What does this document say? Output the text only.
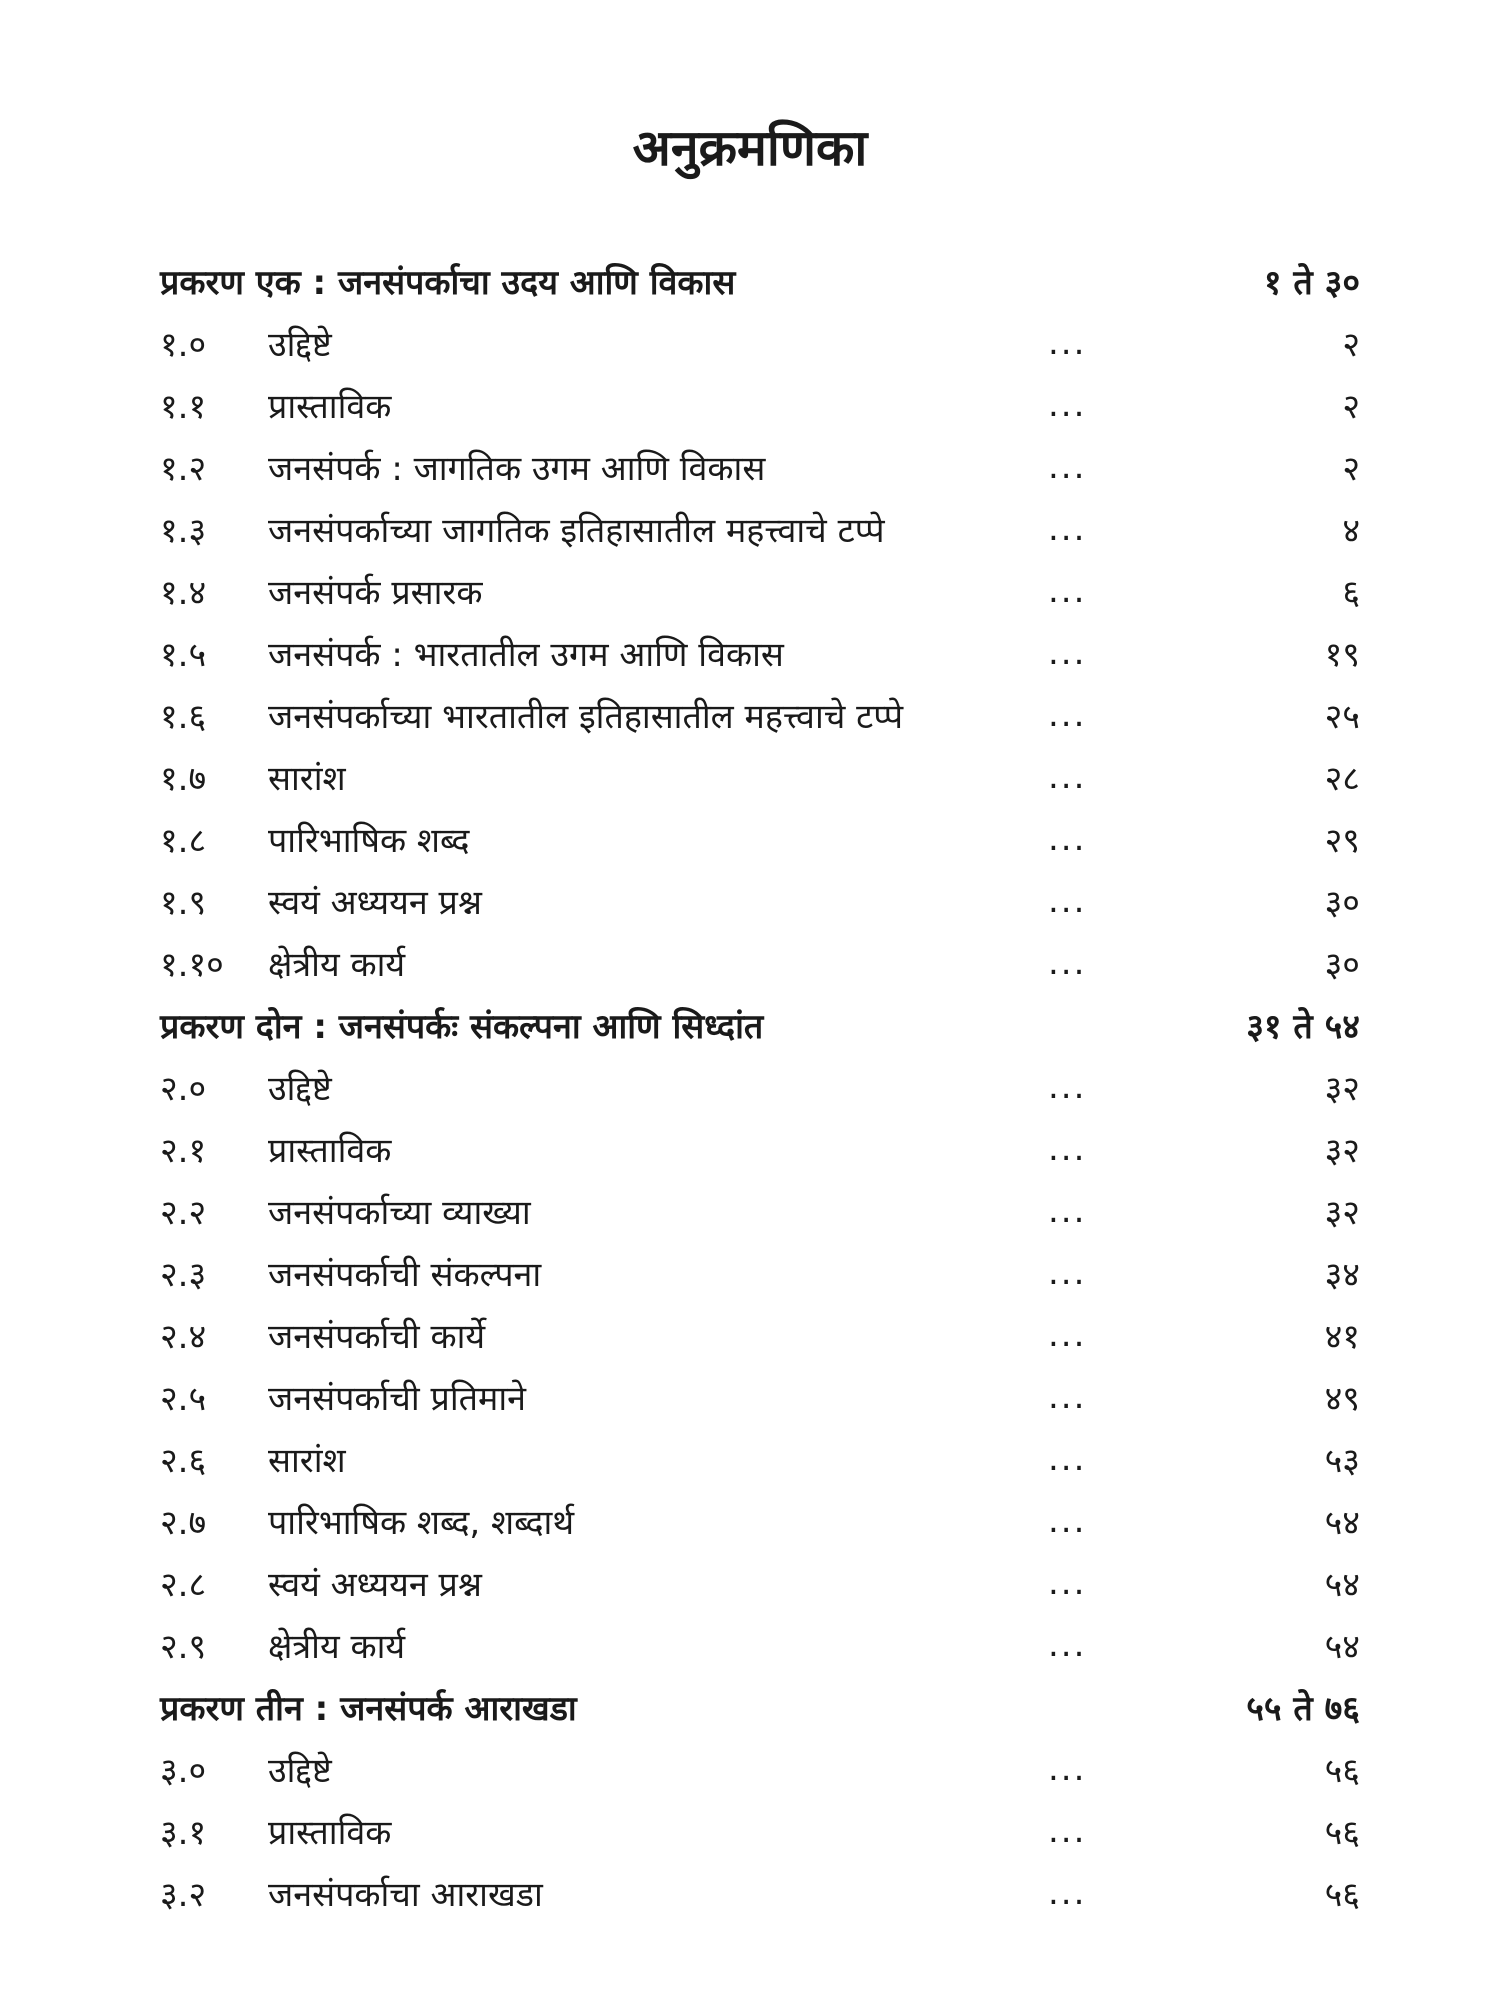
अनुक्रमणिका
प्रकरण एक : जनसंपर्काचा उदय आणि विकास	१ ते ३०
१.०	उद्दिष्टे	...	२
१.१	प्रास्ताविक	...	२
१.२	जनसंपर्क : जागतिक उगम आणि विकास	...	२
१.३	जनसंपर्काच्या जागतिक इतिहासातील महत्त्वाचे टप्पे	...	४
१.४	जनसंपर्क प्रसारक	...	६
१.५	जनसंपर्क : भारतातील उगम आणि विकास	...	१९
१.६	जनसंपर्काच्या भारतातील इतिहासातील महत्त्वाचे टप्पे	...	२५
१.७	सारांश	...	२८
१.८	पारिभाषिक शब्द	...	२९
१.९	स्वयं अध्ययन प्रश्न	...	३०
१.१०	क्षेत्रीय कार्य	...	३०
प्रकरण दोन : जनसंपर्कः संकल्पना आणि सिध्दांत	३१ ते ५४
२.०	उद्दिष्टे	...	३२
२.१	प्रास्ताविक	...	३२
२.२	जनसंपर्काच्या व्याख्या	...	३२
२.३	जनसंपर्काची संकल्पना	...	३४
२.४	जनसंपर्काची कार्ये	...	४१
२.५	जनसंपर्काची प्रतिमाने	...	४९
२.६	सारांश	...	५३
२.७	पारिभाषिक शब्द, शब्दार्थ	...	५४
२.८	स्वयं अध्ययन प्रश्न	...	५४
२.९	क्षेत्रीय कार्य	...	५४
प्रकरण तीन : जनसंपर्क आराखडा	५५ ते ७६
३.०	उद्दिष्टे	...	५६
३.१	प्रास्ताविक	...	५६
३.२	जनसंपर्काचा आराखडा	...	५६
